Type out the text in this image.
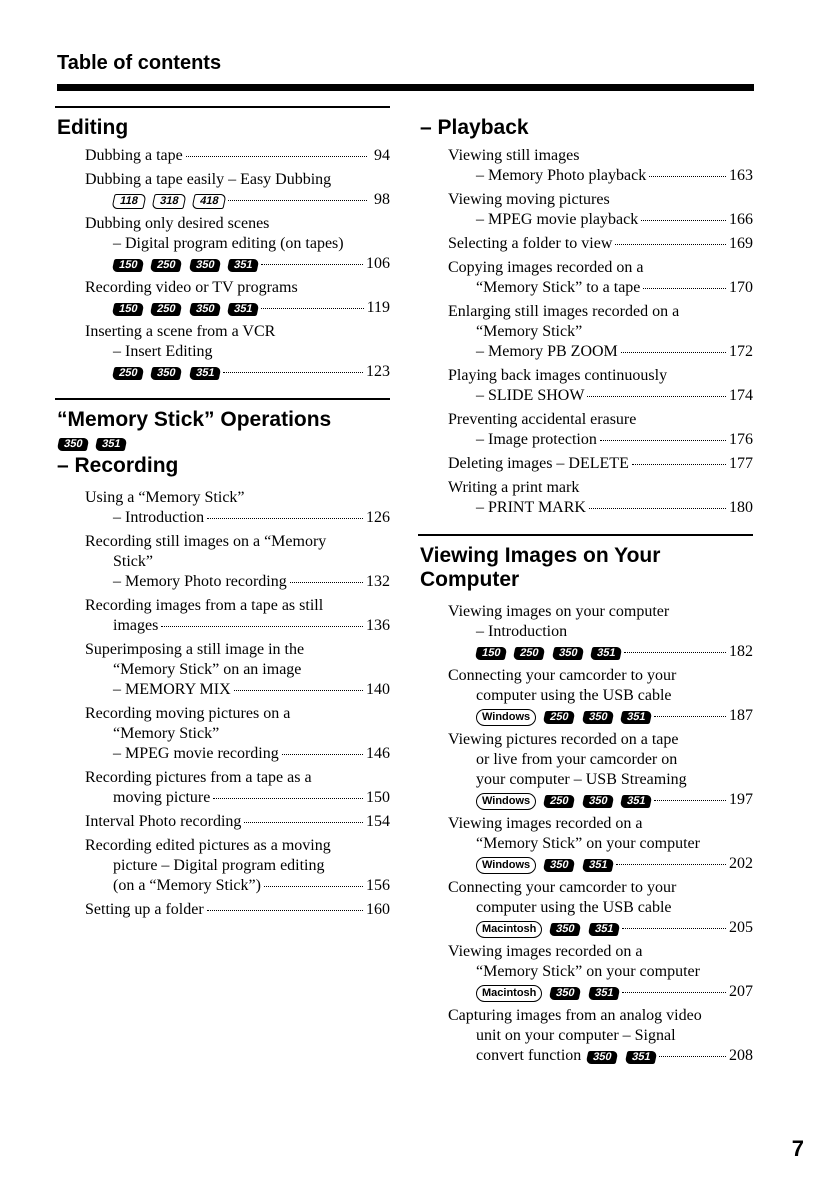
Table of contents
Editing
Dubbing a tape	94
Dubbing a tape easily – Easy Dubbing
118	318	418	98
Dubbing only desired scenes
– Digital program editing (on tapes)
150	250	350	351	106
Recording video or TV programs
150	250	350	351	119
Inserting a scene from a VCR
– Insert Editing
250	350	351	123
“Memory Stick” Operations
350	351
– Recording
Using a “Memory Stick”
– Introduction	126
Recording still images on a “Memory
Stick”
– Memory Photo recording	132
Recording images from a tape as still
images	136
Superimposing a still image in the
“Memory Stick” on an image
– MEMORY MIX	140
Recording moving pictures on a
“Memory Stick”
– MPEG movie recording	146
Recording pictures from a tape as a
moving picture	150
Interval Photo recording	154
Recording edited pictures as a moving
picture – Digital program editing
(on a “Memory Stick”)	156
Setting up a folder	160
– Playback
Viewing still images
– Memory Photo playback	163
Viewing moving pictures
– MPEG movie playback	166
Selecting a folder to view	169
Copying images recorded on a
“Memory Stick” to a tape	170
Enlarging still images recorded on a
“Memory Stick”
– Memory PB ZOOM	172
Playing back images continuously
– SLIDE SHOW	174
Preventing accidental erasure
– Image protection	176
Deleting images – DELETE	177
Writing a print mark
– PRINT MARK	180
Viewing Images on Your
Computer
Viewing images on your computer
– Introduction
150	250	350	351	182
Connecting your camcorder to your
computer using the USB cable
Windows	250	350	351	187
Viewing pictures recorded on a tape
or live from your camcorder on
your computer – USB Streaming
Windows	250	350	351	197
Viewing images recorded on a
“Memory Stick” on your computer
Windows	350	351	202
Connecting your camcorder to your
computer using the USB cable
Macintosh	350	351	205
Viewing images recorded on a
“Memory Stick” on your computer
Macintosh	350	351	207
Capturing images from an analog video
unit on your computer – Signal
convert function 350	351	208
7
